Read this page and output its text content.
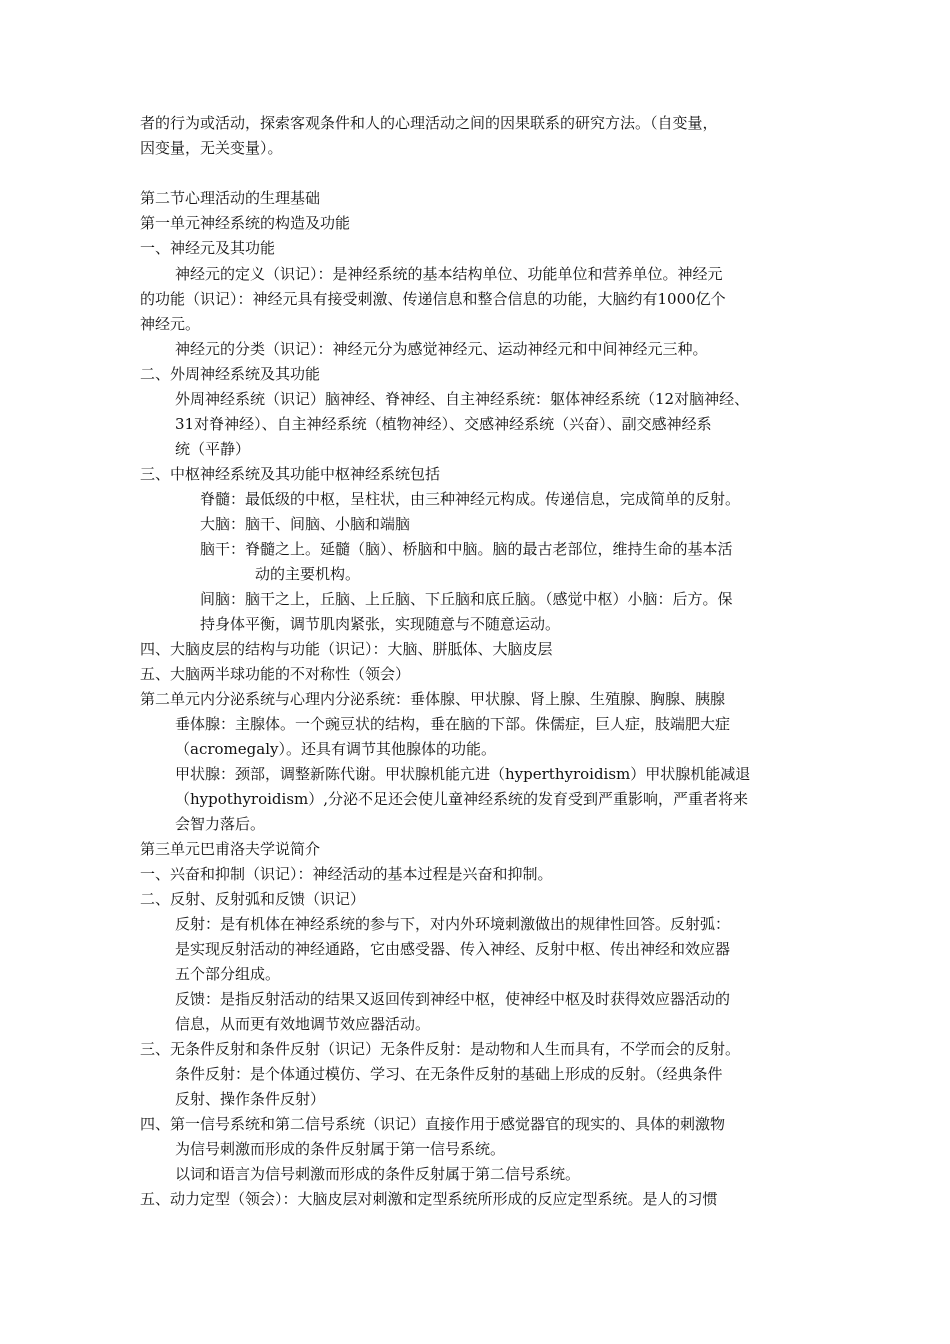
者的行为或活动，探索客观条件和人的心理活动之间的因果联系的研究方法。（自变量，
因变量，无关变量）。
第二节心理活动的生理基础
第一单元神经系统的构造及功能
一、神经元及其功能
神经元的定义（识记）：是神经系统的基本结构单位、功能单位和营养单位。神经元
的功能（识记）：神经元具有接受刺激、传递信息和整合信息的功能，大脑约有1000亿个
神经元。
神经元的分类（识记）：神经元分为感觉神经元、运动神经元和中间神经元三种。
二、外周神经系统及其功能
外周神经系统（识记）脑神经、脊神经、自主神经系统：躯体神经系统（12对脑神经、
31对脊神经）、自主神经系统（植物神经）、交感神经系统（兴奋）、副交感神经系
统（平静）
三、中枢神经系统及其功能中枢神经系统包括
脊髓：最低级的中枢，呈柱状，由三种神经元构成。传递信息，完成简单的反射。
大脑：脑干、间脑、小脑和端脑
脑干：脊髓之上。延髓（脑）、桥脑和中脑。脑的最古老部位，维持生命的基本活
动的主要机构。
间脑：脑干之上，丘脑、上丘脑、下丘脑和底丘脑。（感觉中枢）小脑：后方。保
持身体平衡，调节肌肉紧张，实现随意与不随意运动。
四、大脑皮层的结构与功能（识记）：大脑、胼胝体、大脑皮层
五、大脑两半球功能的不对称性（领会）
第二单元内分泌系统与心理内分泌系统：垂体腺、甲状腺、肾上腺、生殖腺、胸腺、胰腺
垂体腺：主腺体。一个豌豆状的结构，垂在脑的下部。侏儒症，巨人症，肢端肥大症
（acromegaly）。还具有调节其他腺体的功能。
甲状腺：颈部，调整新陈代谢。甲状腺机能亢进（hyperthyroidism）甲状腺机能减退
（hypothyroidism）,分泌不足还会使儿童神经系统的发育受到严重影响，严重者将来
会智力落后。
第三单元巴甫洛夫学说简介
一、兴奋和抑制（识记）：神经活动的基本过程是兴奋和抑制。
二、反射、反射弧和反馈（识记）
反射：是有机体在神经系统的参与下，对内外环境刺激做出的规律性回答。反射弧：
是实现反射活动的神经通路，它由感受器、传入神经、反射中枢、传出神经和效应器
五个部分组成。
反馈：是指反射活动的结果又返回传到神经中枢，使神经中枢及时获得效应器活动的
信息，从而更有效地调节效应器活动。
三、无条件反射和条件反射（识记）无条件反射：是动物和人生而具有，不学而会的反射。
条件反射：是个体通过模仿、学习、在无条件反射的基础上形成的反射。（经典条件
反射、操作条件反射）
四、第一信号系统和第二信号系统（识记）直接作用于感觉器官的现实的、具体的刺激物
为信号刺激而形成的条件反射属于第一信号系统。
以词和语言为信号刺激而形成的条件反射属于第二信号系统。
五、动力定型（领会）：大脑皮层对刺激和定型系统所形成的反应定型系统。是人的习惯
